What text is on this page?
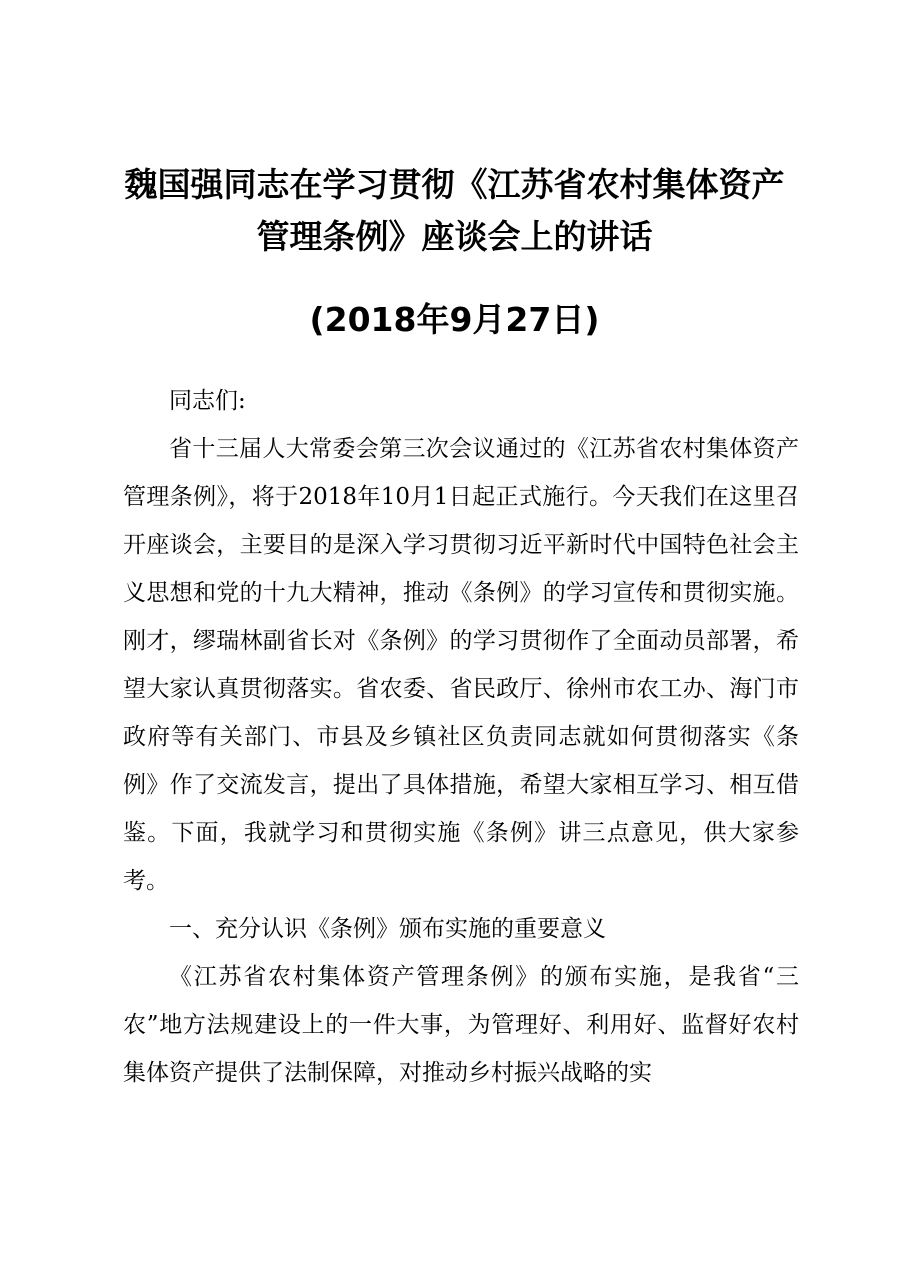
魏国强同志在学习贯彻《江苏省农村集体资产
管理条例》座谈会上的讲话
(2018年9月27日)

同志们:

省十三届人大常委会第三次会议通过的《江苏省农村集体资产管理条例》，将于2018年10月1日起正式施行。今天我们在这里召开座谈会，主要目的是深入学习贯彻习近平新时代中国特色社会主义思想和党的十九大精神，推动《条例》的学习宣传和贯彻实施。刚才，缪瑞林副省长对《条例》的学习贯彻作了全面动员部署，希望大家认真贯彻落实。省农委、省民政厅、徐州市农工办、海门市政府等有关部门、市县及乡镇社区负责同志就如何贯彻落实《条例》作了交流发言，提出了具体措施，希望大家相互学习、相互借鉴。下面，我就学习和贯彻实施《条例》讲三点意见，供大家参考。

一、充分认识《条例》颁布实施的重要意义

《江苏省农村集体资产管理条例》的颁布实施，是我省“三农”地方法规建设上的一件大事，为管理好、利用好、监督好农村集体资产提供了法制保障，对推动乡村振兴战略的实
